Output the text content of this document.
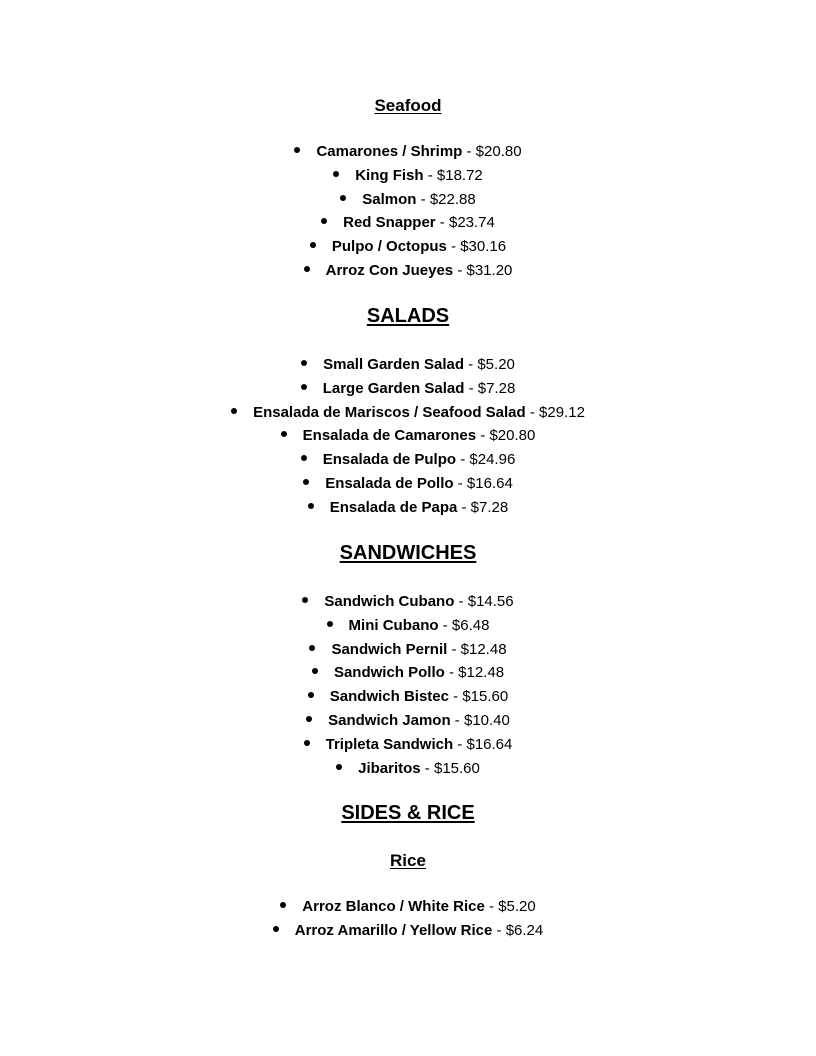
Seafood
Camarones / Shrimp - $20.80
King Fish - $18.72
Salmon - $22.88
Red Snapper - $23.74
Pulpo / Octopus - $30.16
Arroz Con Jueyes - $31.20
SALADS
Small Garden Salad - $5.20
Large Garden Salad - $7.28
Ensalada de Mariscos / Seafood Salad - $29.12
Ensalada de Camarones - $20.80
Ensalada de Pulpo - $24.96
Ensalada de Pollo - $16.64
Ensalada de Papa - $7.28
SANDWICHES
Sandwich Cubano - $14.56
Mini Cubano - $6.48
Sandwich Pernil - $12.48
Sandwich Pollo - $12.48
Sandwich Bistec - $15.60
Sandwich Jamon - $10.40
Tripleta Sandwich - $16.64
Jibaritos - $15.60
SIDES & RICE
Rice
Arroz Blanco / White Rice - $5.20
Arroz Amarillo / Yellow Rice - $6.24
